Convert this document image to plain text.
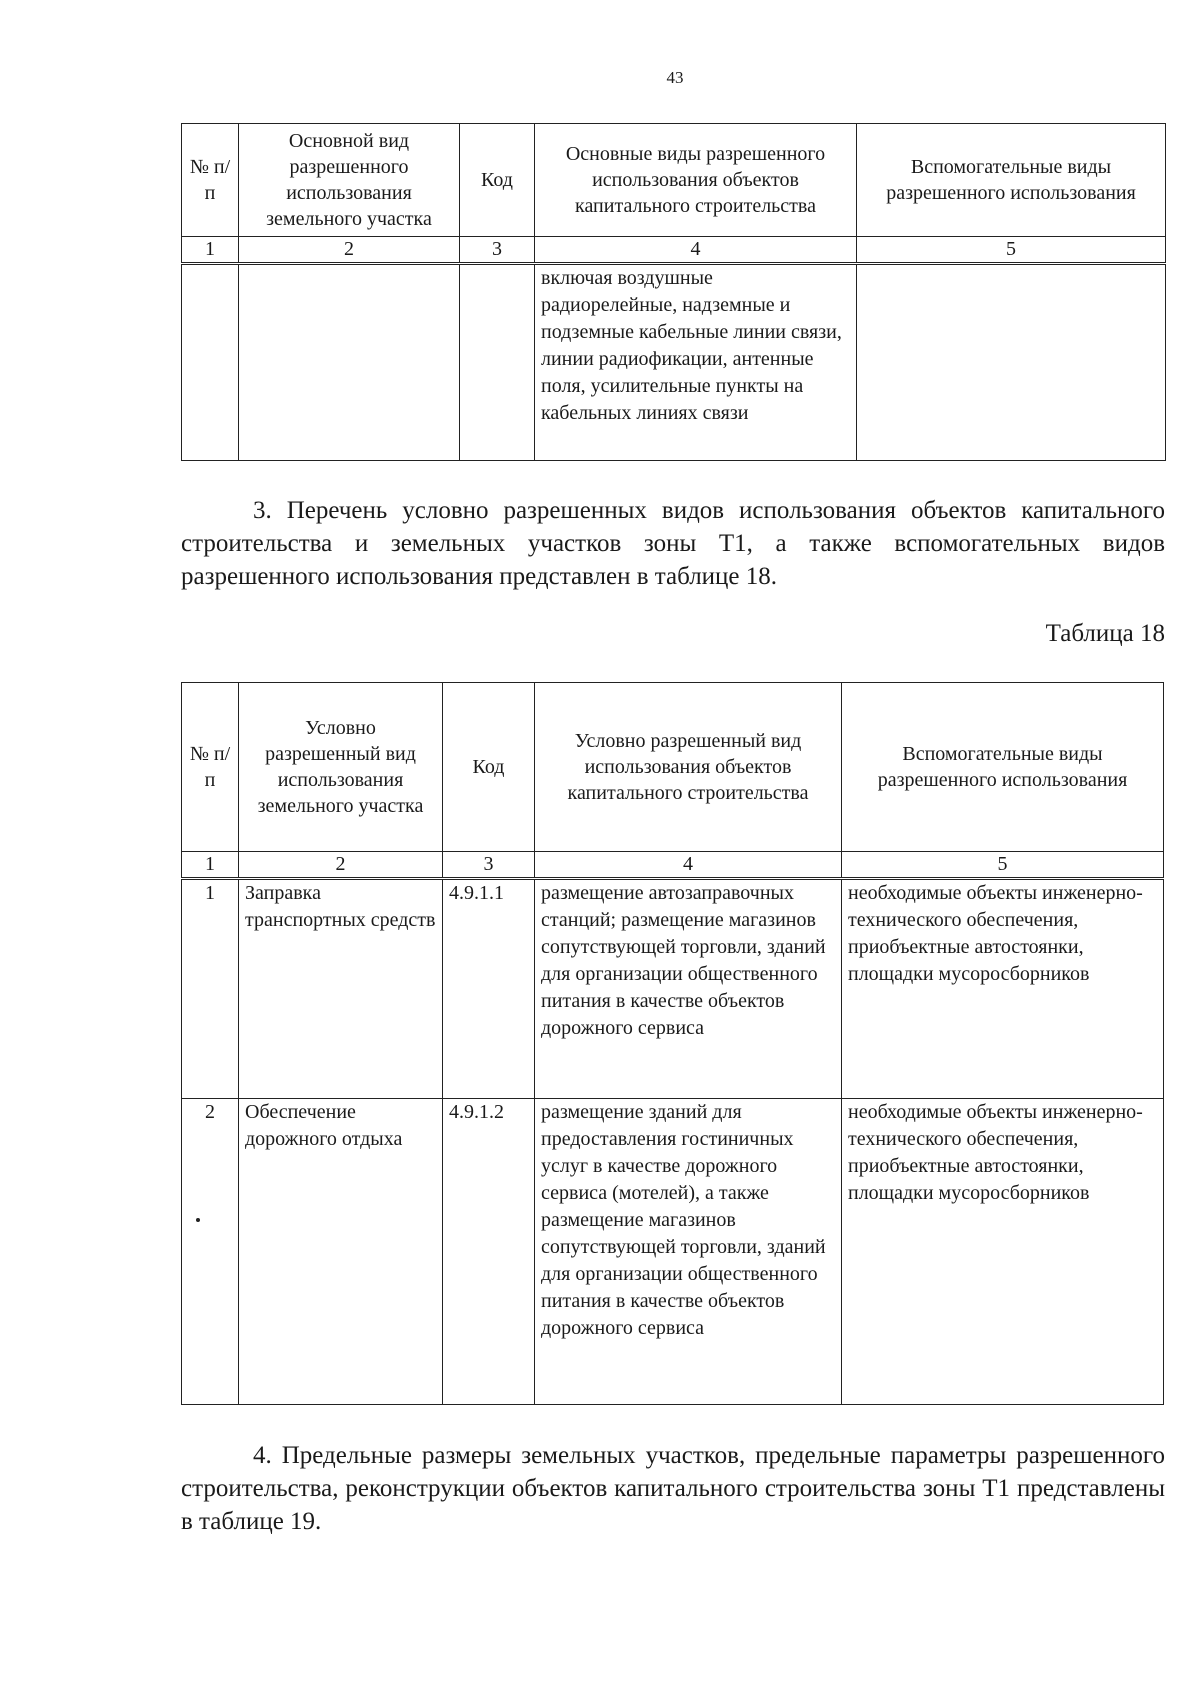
43
№ п/п	Основной вид разрешенного использования земельного участка	Код	Основные виды разрешенного использования объектов капитального строительства	Вспомогательные виды разрешенного использования
1	2	3	4	5
			включая воздушные радиорелейные, надземные и подземные кабельные линии связи, линии радиофикации, антенные поля, усилительные пункты на кабельных линиях связи	

3. Перечень условно разрешенных видов использования объектов капитального строительства и земельных участков зоны Т1, а также вспомогательных видов разрешенного использования представлен в таблице 18.

Таблица 18
№ п/п	Условно разрешенный вид использования земельного участка	Код	Условно разрешенный вид использования объектов капитального строительства	Вспомогательные виды разрешенного использования
1	2	3	4	5
1	Заправка транспортных средств	4.9.1.1	размещение автозаправочных станций; размещение магазинов сопутствующей торговли, зданий для организации общественного питания в качестве объектов дорожного сервиса	необходимые объекты инженерно-технического обеспечения, приобъектные автостоянки, площадки мусоросборников
2	Обеспечение дорожного отдыха	4.9.1.2	размещение зданий для предоставления гостиничных услуг в качестве дорожного сервиса (мотелей), а также размещение магазинов сопутствующей торговли, зданий для организации общественного питания в качестве объектов дорожного сервиса	необходимые объекты инженерно-технического обеспечения, приобъектные автостоянки, площадки мусоросборников

4. Предельные размеры земельных участков, предельные параметры разрешенного строительства, реконструкции объектов капитального строительства зоны Т1 представлены в таблице 19.
